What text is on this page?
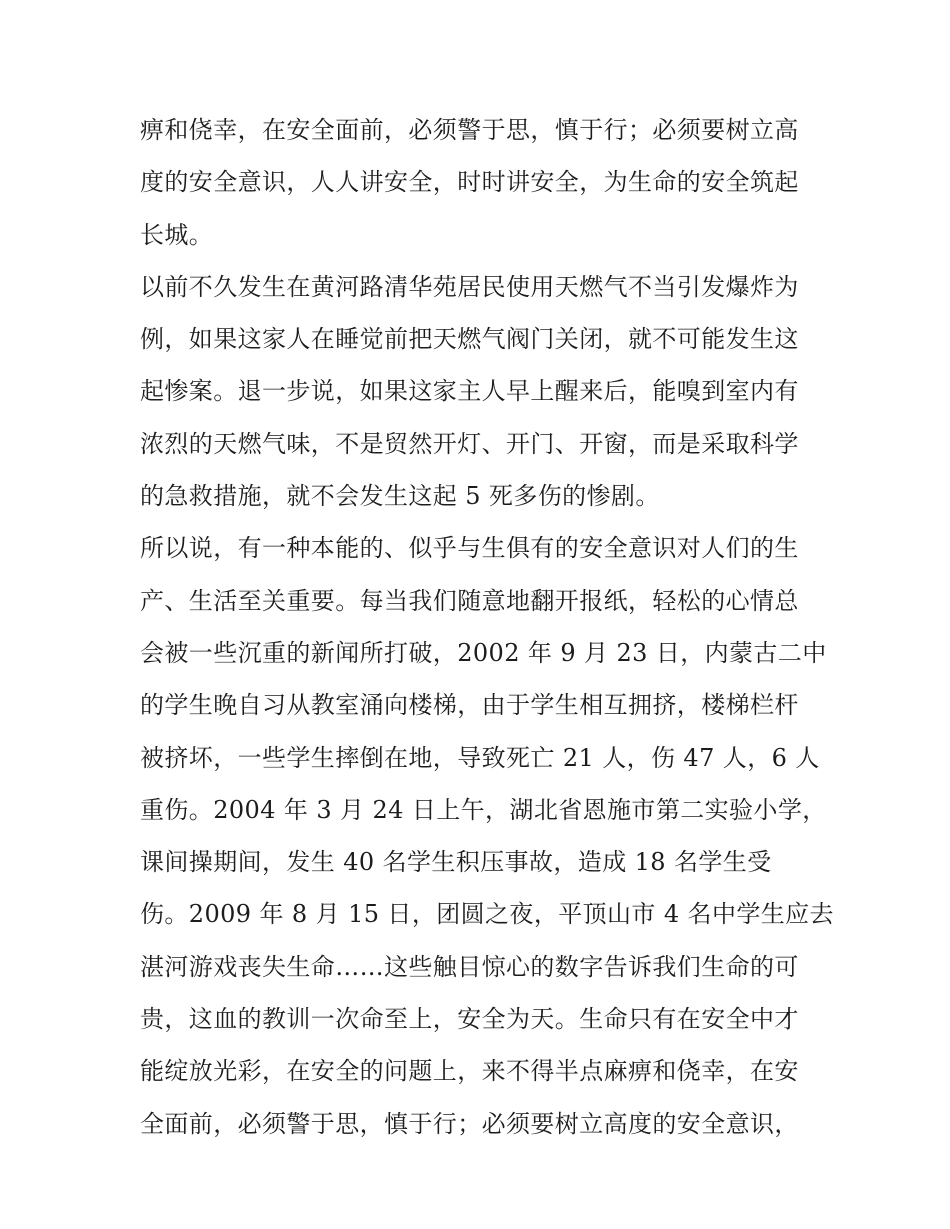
痹和侥幸，在安全面前，必须警于思，慎于行；必须要树立高
度的安全意识，人人讲安全，时时讲安全，为生命的安全筑起
长城。
以前不久发生在黄河路清华苑居民使用天燃气不当引发爆炸为
例，如果这家人在睡觉前把天燃气阀门关闭，就不可能发生这
起惨案。退一步说，如果这家主人早上醒来后，能嗅到室内有
浓烈的天燃气味，不是贸然开灯、开门、开窗，而是采取科学
的急救措施，就不会发生这起 5 死多伤的惨剧。
所以说，有一种本能的、似乎与生俱有的安全意识对人们的生
产、生活至关重要。每当我们随意地翻开报纸，轻松的心情总
会被一些沉重的新闻所打破，2002 年 9 月 23 日，内蒙古二中
的学生晚自习从教室涌向楼梯，由于学生相互拥挤，楼梯栏杆
被挤坏，一些学生摔倒在地，导致死亡 21 人，伤 47 人，6 人
重伤。2004 年 3 月 24 日上午，湖北省恩施市第二实验小学，
课间操期间，发生 40 名学生积压事故，造成 18 名学生受
伤。2009 年 8 月 15 日，团圆之夜，平顶山市 4 名中学生应去
湛河游戏丧失生命……这些触目惊心的数字告诉我们生命的可
贵，这血的教训一次命至上，安全为天。生命只有在安全中才
能绽放光彩，在安全的问题上，来不得半点麻痹和侥幸，在安
全面前，必须警于思，慎于行；必须要树立高度的安全意识，
